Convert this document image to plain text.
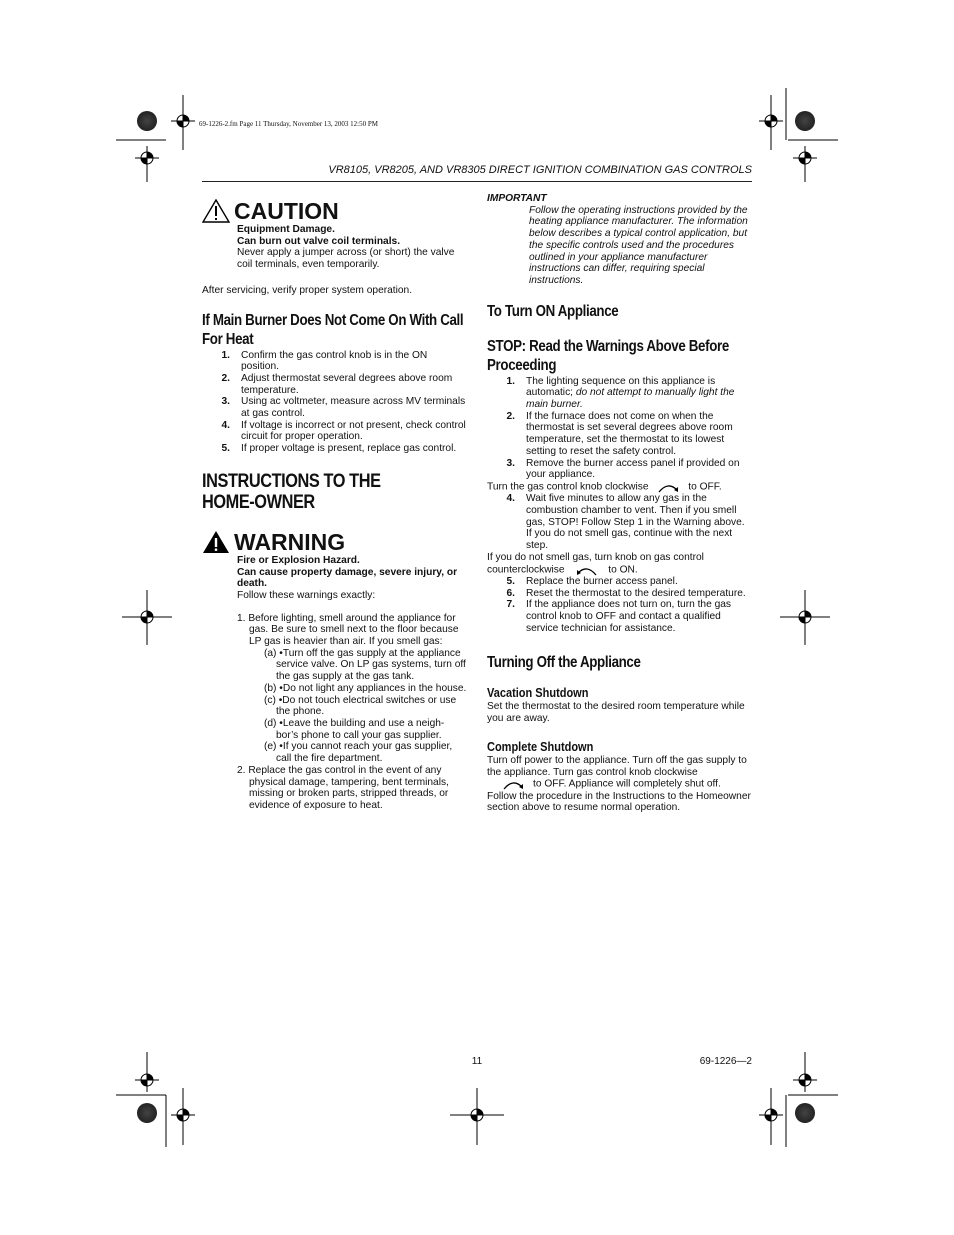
69-1226-2.fm Page 11 Thursday, November 13, 2003 12:50 PM
VR8105, VR8205, AND VR8305 DIRECT IGNITION COMBINATION GAS CONTROLS
CAUTION
Equipment Damage.
Can burn out valve coil terminals.
Never apply a jumper across (or short) the valve coil terminals, even temporarily.
After servicing, verify proper system operation.
If Main Burner Does Not Come On With Call For Heat
1.	Confirm the gas control knob is in the ON position.
2.	Adjust thermostat several degrees above room temperature.
3.	Using ac voltmeter, measure across MV terminals at gas control.
4.	If voltage is incorrect or not present, check control circuit for proper operation.
5.	If proper voltage is present, replace gas control.
INSTRUCTIONS TO THE HOME-OWNER
WARNING
Fire or Explosion Hazard.
Can cause property damage, severe injury, or death.
Follow these warnings exactly:
1. Before lighting, smell around the appliance for gas. Be sure to smell next to the floor because LP gas is heavier than air. If you smell gas:
(a) •Turn off the gas supply at the appliance service valve. On LP gas systems, turn off the gas supply at the gas tank.
(b) •Do not light any appliances in the house.
(c) •Do not touch electrical switches or use the phone.
(d) •Leave the building and use a neigh- bor’s phone to call your gas supplier.
(e) •If you cannot reach your gas supplier, call the fire department.
2. Replace the gas control in the event of any physical damage, tampering, bent terminals, missing or broken parts, stripped threads, or evidence of exposure to heat.
IMPORTANT
Follow the operating instructions provided by the heating appliance manufacturer. The information below describes a typical control application, but the specific controls used and the procedures outlined in your appliance manufacturer instructions can differ, requiring special instructions.
To Turn ON Appliance
STOP: Read the Warnings Above Before Proceeding
1.	The lighting sequence on this appliance is automatic; do not attempt to manually light the main burner.
2.	If the furnace does not come on when the thermostat is set several degrees above room temperature, set the thermostat to its lowest setting to reset the safety control.
3.	Remove the burner access panel if provided on your appliance.
Turn the gas control knob clockwise	to OFF.
4.	Wait five minutes to allow any gas in the combustion chamber to vent. Then if you smell gas, STOP! Follow Step 1 in the Warning above. If you do not smell gas, continue with the next step.
If you do not smell gas, turn knob on gas control counterclockwise	to ON.
5.	Replace the burner access panel.
6.	Reset the thermostat to the desired temperature.
7.	If the appliance does not turn on, turn the gas control knob to OFF and contact a qualified service technician for assistance.
Turning Off the Appliance
Vacation Shutdown
Set the thermostat to the desired room temperature while you are away.
Complete Shutdown
Turn off power to the appliance. Turn off the gas supply to the appliance. Turn gas control knob clockwise
to OFF. Appliance will completely shut off.
Follow the procedure in the Instructions to the Homeowner section above to resume normal operation.
11	69-1226—2
